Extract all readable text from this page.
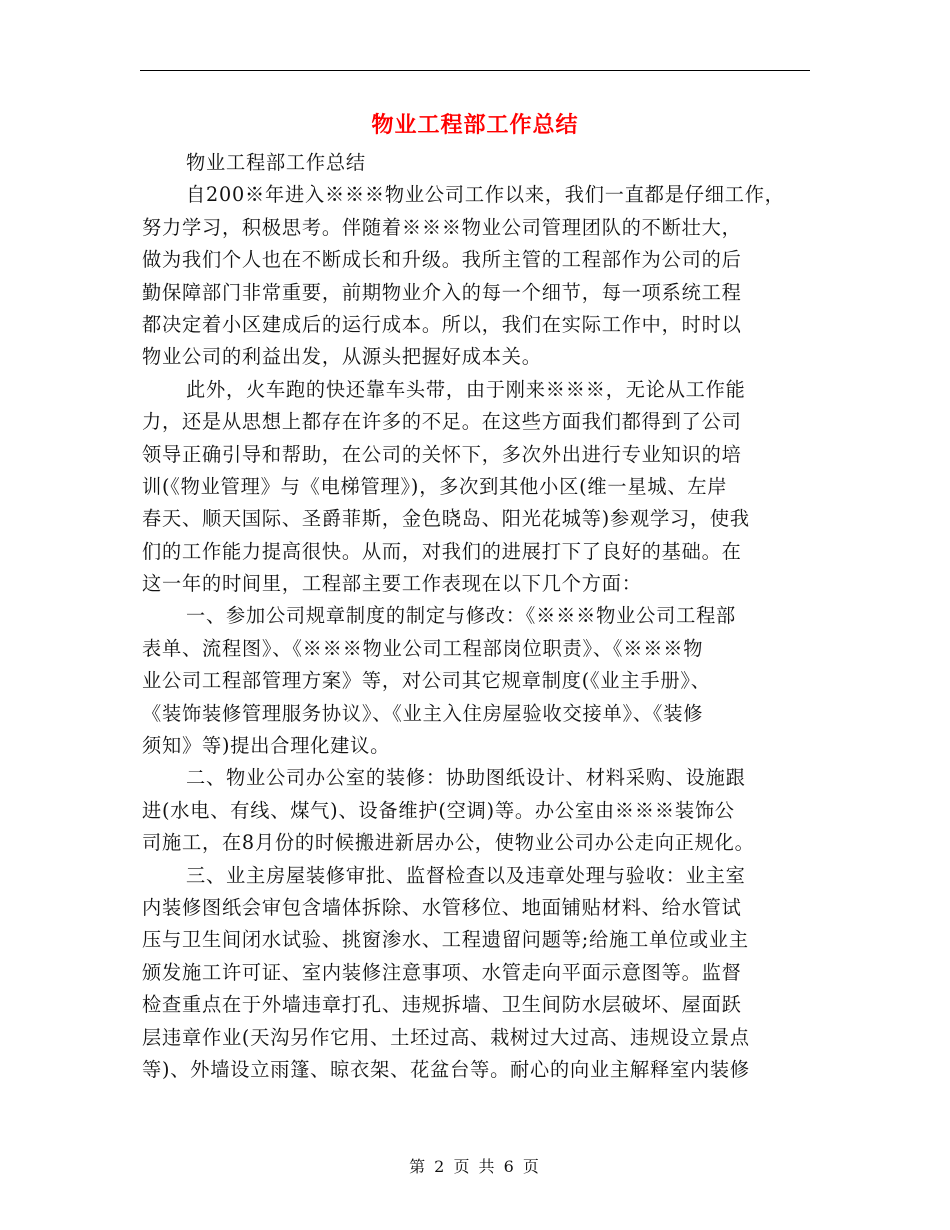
物业工程部工作总结
物业工程部工作总结
自200※年进入※※※物业公司工作以来，我们一直都是仔细工作，
努力学习，积极思考。伴随着※※※物业公司管理团队的不断壮大，
做为我们个人也在不断成长和升级。我所主管的工程部作为公司的后
勤保障部门非常重要，前期物业介入的每一个细节，每一项系统工程
都决定着小区建成后的运行成本。所以，我们在实际工作中，时时以
物业公司的利益出发，从源头把握好成本关。
此外，火车跑的快还靠车头带，由于刚来※※※，无论从工作能
力，还是从思想上都存在许多的不足。在这些方面我们都得到了公司
领导正确引导和帮助，在公司的关怀下，多次外出进行专业知识的培
训(《物业管理》与《电梯管理》)，多次到其他小区(维一星城、左岸
春天、顺天国际、圣爵菲斯，金色晓岛、阳光花城等)参观学习，使我
们的工作能力提高很快。从而，对我们的进展打下了良好的基础。在
这一年的时间里，工程部主要工作表现在以下几个方面：
一、参加公司规章制度的制定与修改：《※※※物业公司工程部
表单、流程图》、《※※※物业公司工程部岗位职责》、《※※※物
业公司工程部管理方案》等，对公司其它规章制度(《业主手册》、
《装饰装修管理服务协议》、《业主入住房屋验收交接单》、《装修
须知》等)提出合理化建议。
二、物业公司办公室的装修：协助图纸设计、材料采购、设施跟
进(水电、有线、煤气)、设备维护(空调)等。办公室由※※※装饰公
司施工，在8月份的时候搬进新居办公，使物业公司办公走向正规化。
三、业主房屋装修审批、监督检查以及违章处理与验收：业主室
内装修图纸会审包含墙体拆除、水管移位、地面铺贴材料、给水管试
压与卫生间闭水试验、挑窗渗水、工程遗留问题等;给施工单位或业主
颁发施工许可证、室内装修注意事项、水管走向平面示意图等。监督
检查重点在于外墙违章打孔、违规拆墙、卫生间防水层破坏、屋面跃
层违章作业(天沟另作它用、土坯过高、栽树过大过高、违规设立景点
等)、外墙设立雨篷、晾衣架、花盆台等。耐心的向业主解释室内装修
第 2 页 共 6 页
